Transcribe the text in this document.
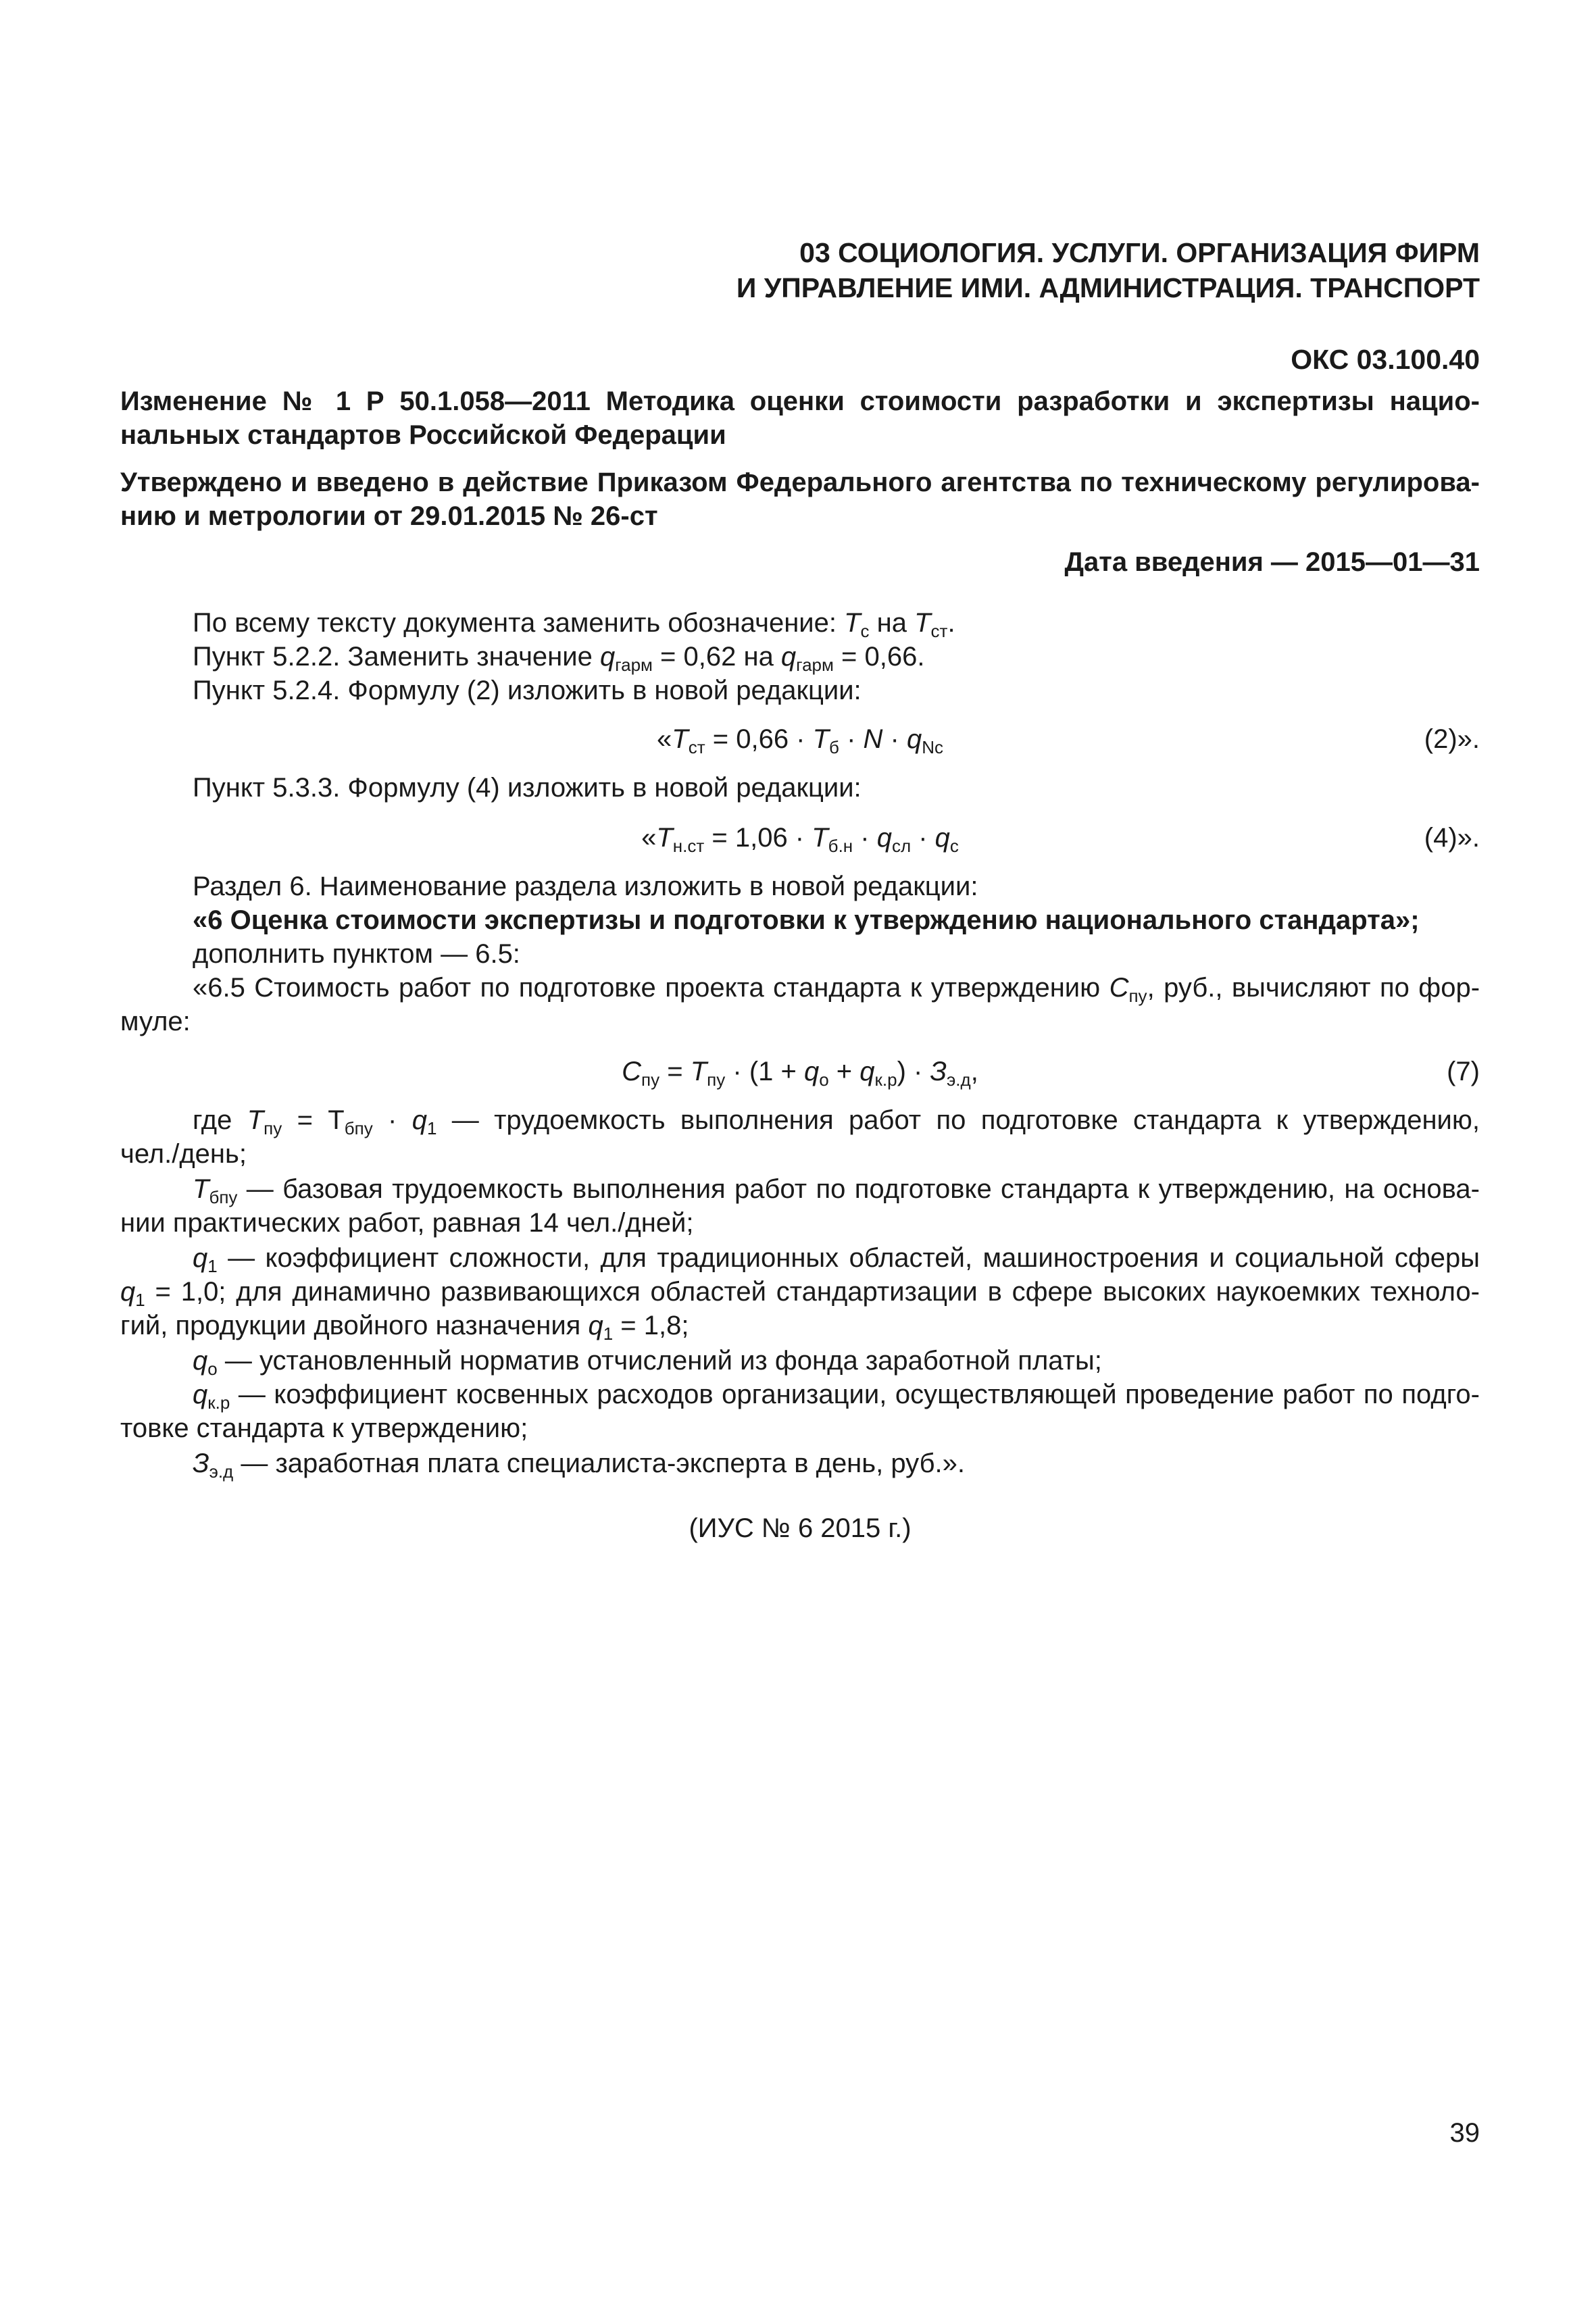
03 СОЦИОЛОГИЯ. УСЛУГИ. ОРГАНИЗАЦИЯ ФИРМ
И УПРАВЛЕНИЕ ИМИ. АДМИНИСТРАЦИЯ. ТРАНСПОРТ
ОКС 03.100.40
Изменение № 1 Р 50.1.058—2011 Методика оценки стоимости разработки и экспертизы нацио-
нальных стандартов Российской Федерации
Утверждено и введено в действие Приказом Федерального агентства по техническому регулирова-
нию и метрологии от 29.01.2015 № 26-ст
Дата введения — 2015—01—31
По всему тексту документа заменить обозначение: $T_с$ на $T_{ст}$.
Пункт 5.2.2. Заменить значение $q_{гарм} = 0,62$ на $q_{гарм} = 0,66$.
Пункт 5.2.4. Формулу (2) изложить в новой редакции:
«$T_{ст} = 0,66 \cdot T_б \cdot N \cdot q_{Nc}$	(2)».
Пункт 5.3.3. Формулу (4) изложить в новой редакции:
«$T_{н.ст} = 1,06 \cdot T_{б.н} \cdot q_{сл} \cdot q_с$	(4)».
Раздел 6. Наименование раздела изложить в новой редакции:
«6 Оценка стоимости экспертизы и подготовки к утверждению национального стандарта»;
дополнить пунктом — 6.5:
«6.5 Стоимость работ по подготовке проекта стандарта к утверждению $C_{пу}$, руб., вычисляют по фор-
муле:
$C_{пу} = T_{пу} \cdot (1 + q_о + q_{к.р}) \cdot З_{э.д}$,	(7)
где $T_{пу} = Т_{бпу} \cdot q_1$ — трудоемкость выполнения работ по подготовке стандарта к утверждению,
чел./день;
$T_{бпу}$ — базовая трудоемкость выполнения работ по подготовке стандарта к утверждению, на основа-
нии практических работ, равная 14 чел./дней;
$q_1$ — коэффициент сложности, для традиционных областей, машиностроения и социальной сферы
$q_1 = 1,0$; для динамично развивающихся областей стандартизации в сфере высоких наукоемких техноло-
гий, продукции двойного назначения $q_1 = 1,8$;
$q_о$ — установленный норматив отчислений из фонда заработной платы;
$q_{к.р}$ — коэффициент косвенных расходов организации, осуществляющей проведение работ по подго-
товке стандарта к утверждению;
$З_{э.д}$ — заработная плата специалиста-эксперта в день, руб.».
(ИУС № 6 2015 г.)
39
